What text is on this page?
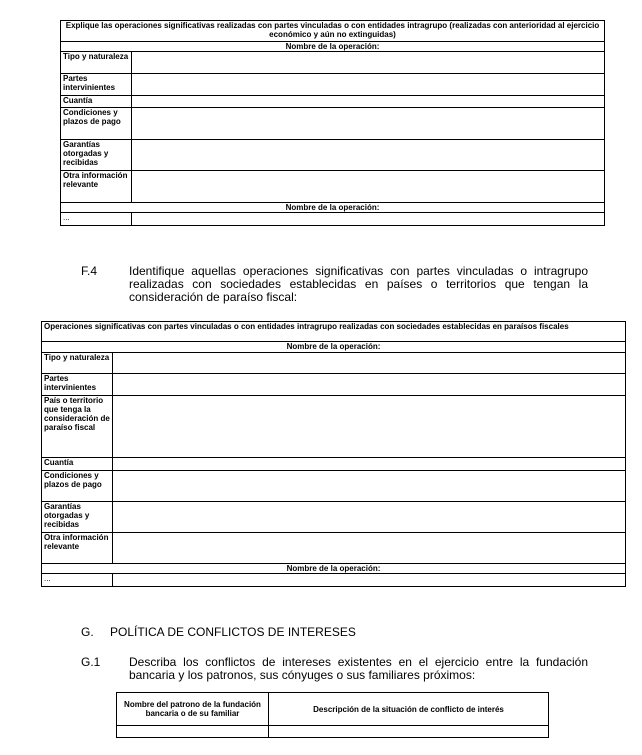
Explique las operaciones significativas realizadas con partes vinculadas o con entidades intragrupo (realizadas con anterioridad al ejercicio económico y aún no extinguidas)	
Nombre de la operación:	
Tipo y naturaleza	
Partes intervinientes	
Cuantía	
Condiciones y plazos de pago	
Garantías otorgadas y recibidas	
Otra información relevante	
Nombre de la operación:	
...	
F.4	Identifique aquellas operaciones significativas con partes vinculadas o intragrupo realizadas con sociedades establecidas en países o territorios que tengan la consideración de paraíso fiscal:
Operaciones significativas con partes vinculadas o con entidades intragrupo realizadas con sociedades establecidas en paraísos fiscales	
Nombre de la operación:	
Tipo y naturaleza	
Partes intervinientes	
País o territorio que tenga la consideración de paraíso fiscal	
Cuantía	
Condiciones y plazos de pago	
Garantías otorgadas y recibidas	
Otra información relevante	
Nombre de la operación:	
...	
G. POLÍTICA DE CONFLICTOS DE INTERESES
G.1 Describa los conflictos de intereses existentes en el ejercicio entre la fundación bancaria y los patronos, sus cónyuges o sus familiares próximos:
Nombre del patrono de la fundación bancaria o de su familiar	Descripción de la situación de conflicto de interés
